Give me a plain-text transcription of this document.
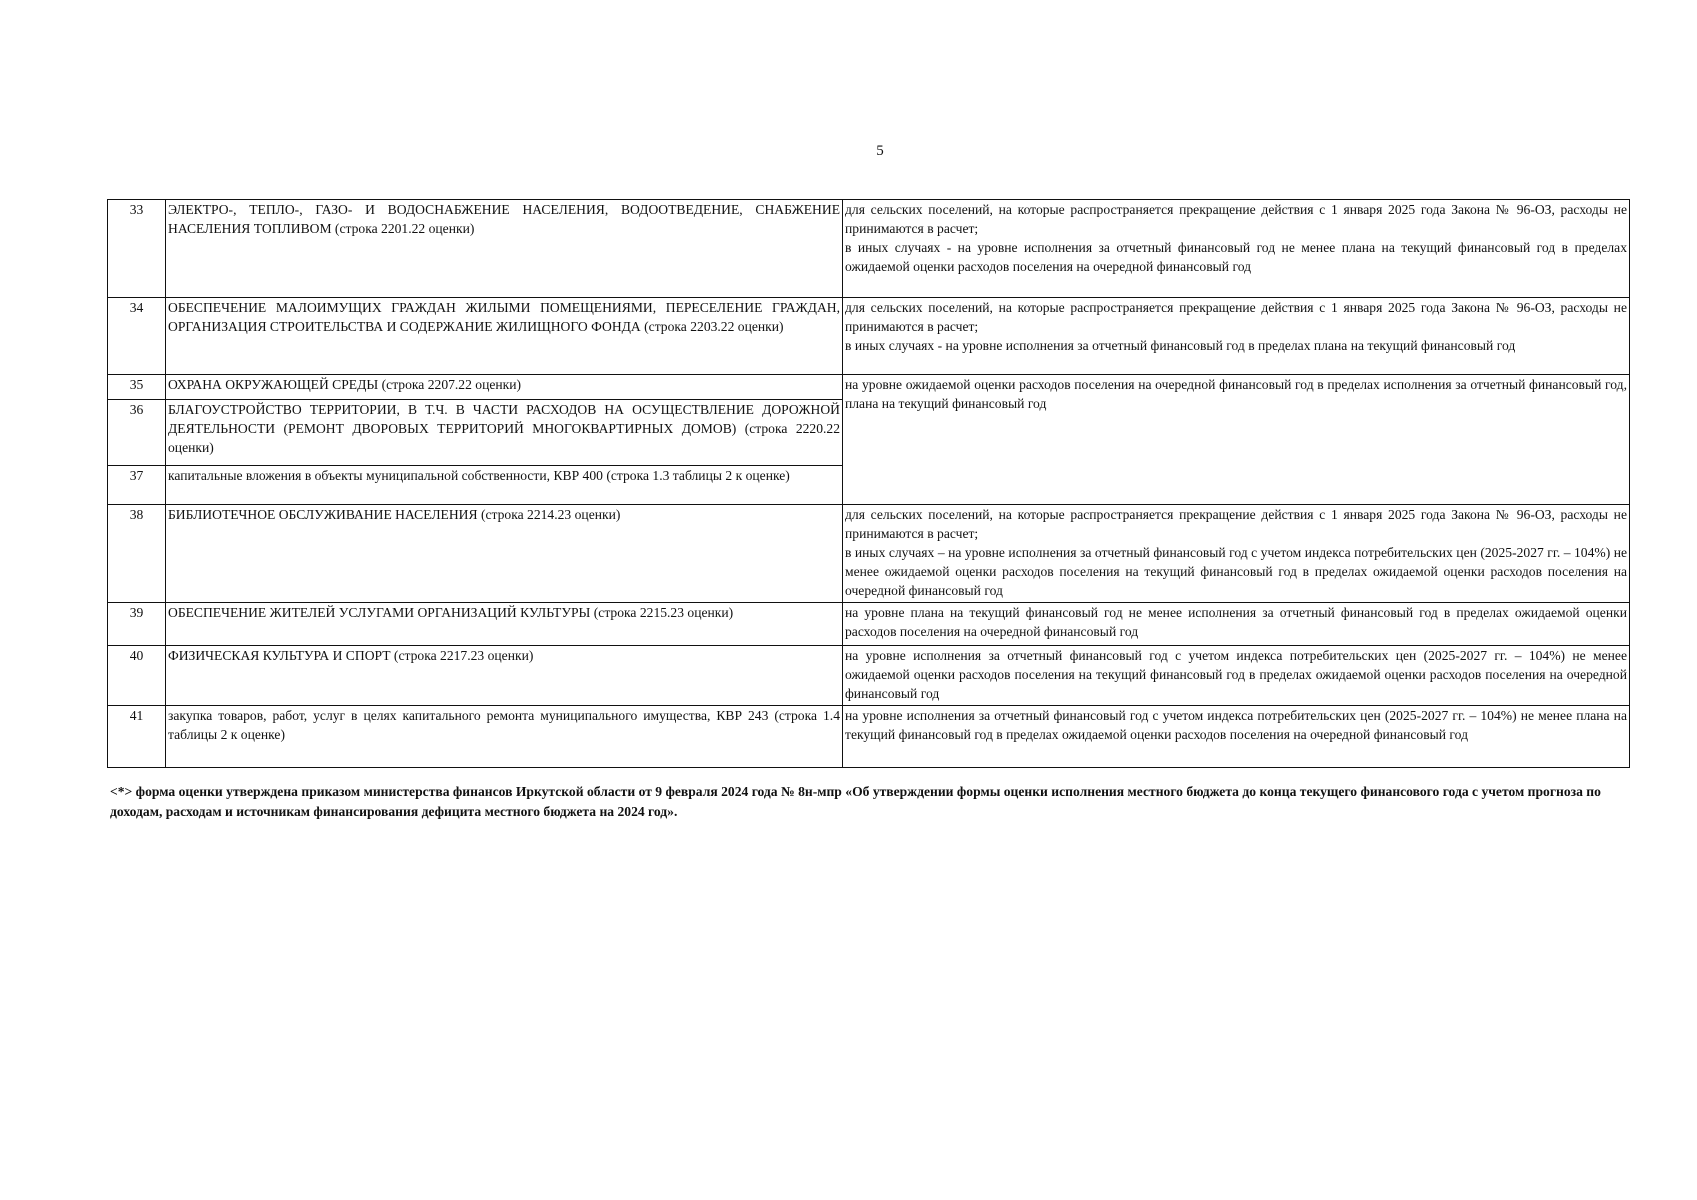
5
33	ЭЛЕКТРО-, ТЕПЛО-, ГАЗО- И ВОДОСНАБЖЕНИЕ НАСЕЛЕНИЯ, ВОДООТВЕДЕНИЕ, СНАБЖЕНИЕ НАСЕЛЕНИЯ ТОПЛИВОМ (строка 2201.22 оценки)	для сельских поселений, на которые распространяется прекращение действия с 1 января 2025 года Закона № 96-ОЗ, расходы не принимаются в расчет;
в иных случаях - на уровне исполнения за отчетный финансовый год не менее плана на текущий финансовый год в пределах ожидаемой оценки расходов поселения на очередной финансовый год

34	ОБЕСПЕЧЕНИЕ МАЛОИМУЩИХ ГРАЖДАН ЖИЛЫМИ ПОМЕЩЕНИЯМИ, ПЕРЕСЕЛЕНИЕ ГРАЖДАН, ОРГАНИЗАЦИЯ СТРОИТЕЛЬСТВА И СОДЕРЖАНИЕ ЖИЛИЩНОГО ФОНДА (строка 2203.22 оценки)	для сельских поселений, на которые распространяется прекращение действия с 1 января 2025 года Закона № 96-ОЗ, расходы не принимаются в расчет;
в иных случаях - на уровне исполнения за отчетный финансовый год в пределах плана на текущий финансовый год

35	ОХРАНА ОКРУЖАЮЩЕЙ СРЕДЫ (строка 2207.22 оценки)	на уровне ожидаемой оценки расходов поселения на очередной финансовый год в пределах исполнения за отчетный финансовый год, плана на текущий финансовый год

36	БЛАГОУСТРОЙСТВО ТЕРРИТОРИИ, В Т.Ч. В ЧАСТИ РАСХОДОВ НА ОСУЩЕСТВЛЕНИЕ ДОРОЖНОЙ ДЕЯТЕЛЬНОСТИ (РЕМОНТ ДВОРОВЫХ ТЕРРИТОРИЙ МНОГОКВАРТИРНЫХ ДОМОВ) (строка 2220.22 оценки)	
37	капитальные вложения в объекты муниципальной собственности, КВР 400 (строка 1.3 таблицы 2 к оценке)	
38	БИБЛИОТЕЧНОЕ ОБСЛУЖИВАНИЕ НАСЕЛЕНИЯ (строка 2214.23 оценки)	для сельских поселений, на которые распространяется прекращение действия с 1 января 2025 года Закона № 96-ОЗ, расходы не принимаются в расчет;
в иных случаях – на уровне исполнения за отчетный финансовый год с учетом индекса потребительских цен (2025-2027 гг. – 104%) не менее ожидаемой оценки расходов поселения на текущий финансовый год в пределах ожидаемой оценки расходов поселения на очередной финансовый год

39	ОБЕСПЕЧЕНИЕ ЖИТЕЛЕЙ УСЛУГАМИ ОРГАНИЗАЦИЙ КУЛЬТУРЫ (строка 2215.23 оценки)	на уровне плана на текущий финансовый год не менее исполнения за отчетный финансовый год в пределах ожидаемой оценки расходов поселения на очередной финансовый год

40	ФИЗИЧЕСКАЯ КУЛЬТУРА И СПОРТ (строка 2217.23 оценки)	на уровне исполнения за отчетный финансовый год с учетом индекса потребительских цен (2025-2027 гг. – 104%) не менее ожидаемой оценки расходов поселения на текущий финансовый год в пределах ожидаемой оценки расходов поселения на очередной финансовый год

41	закупка товаров, работ, услуг в целях капитального ремонта муниципального имущества, КВР 243 (строка 1.4 таблицы 2 к оценке)	на уровне исполнения за отчетный финансовый год с учетом индекса потребительских цен (2025-2027 гг. – 104%) не менее плана на текущий финансовый год в пределах ожидаемой оценки расходов поселения на очередной финансовый год
<*> форма оценки утверждена приказом министерства финансов Иркутской области от 9 февраля 2024 года № 8н-мпр «Об утверждении формы оценки исполнения местного бюджета до конца текущего финансового года с учетом прогноза по доходам, расходам и источникам финансирования дефицита местного бюджета на 2024 год».
